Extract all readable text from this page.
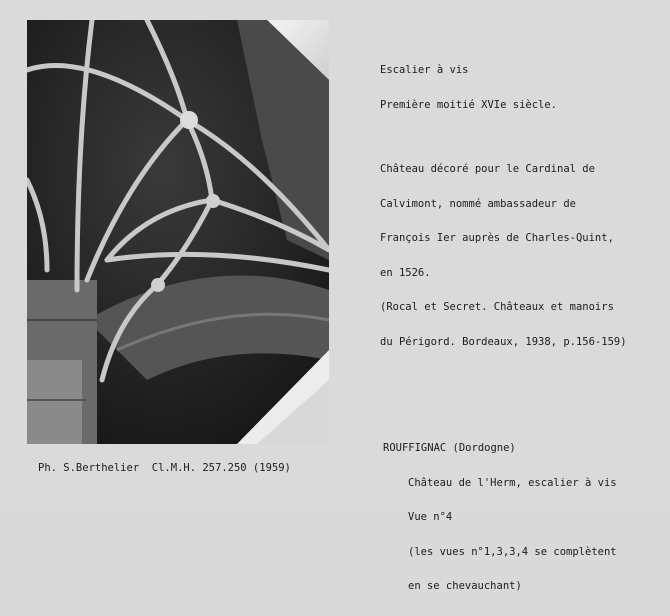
Escalier à vis

Première moitié XVIe siècle.

Château décoré pour le Cardinal de

Calvimont, nommé ambassadeur de

François Ier auprès de Charles-Quint,

en 1526.

(Rocal et Secret. Châteaux et manoirs

du Périgord. Bordeaux, 1938, p.156-159)

ROUFFIGNAC (Dordogne)

Château de l'Herm, escalier à vis

Vue n°4

(les vues n°1,3,3,4 se complètent

en se chevauchant)

Ph. S.Berthelier  Cl.M.H. 257.250 (1959)
